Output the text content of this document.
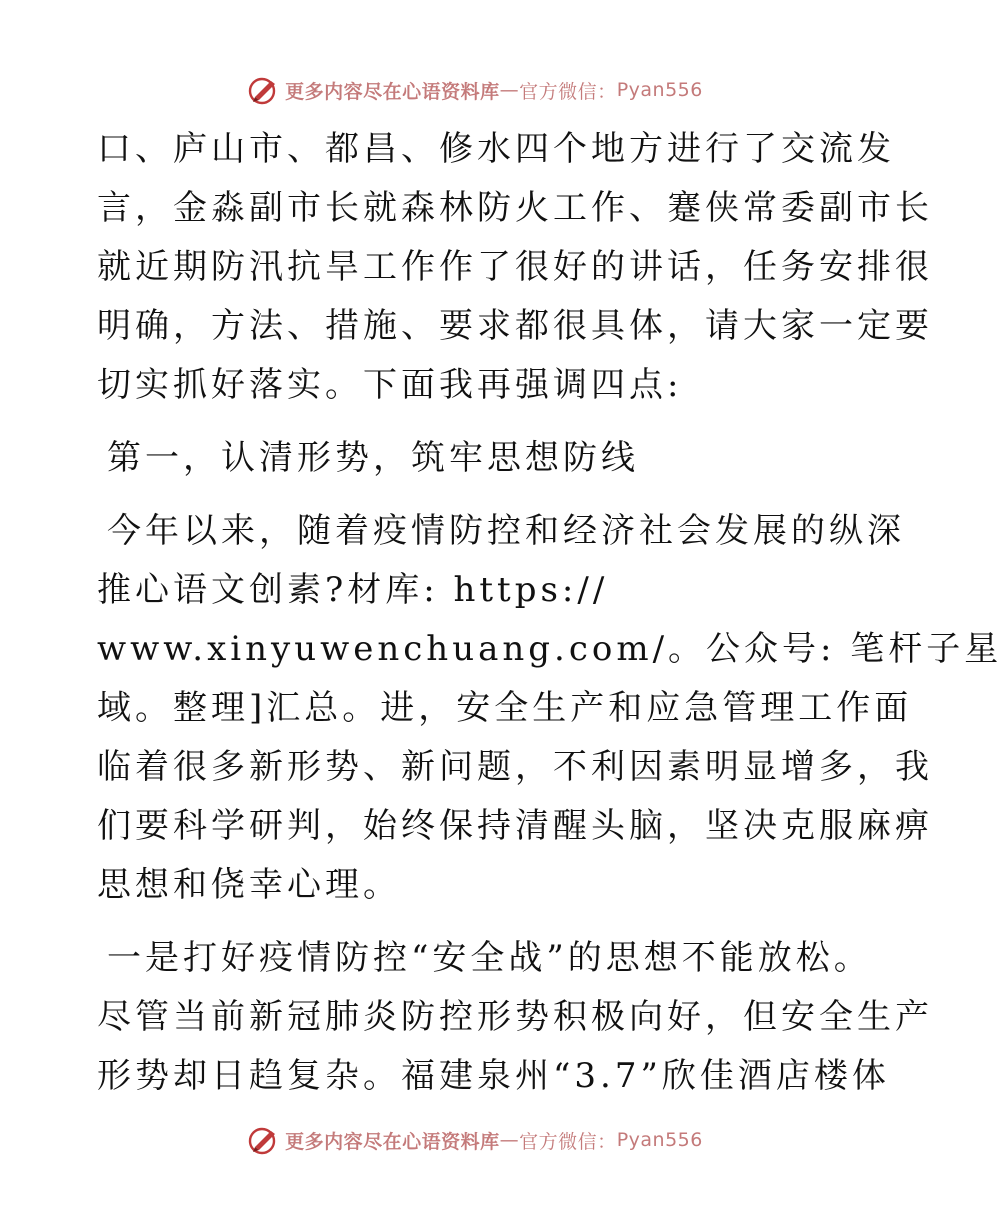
更多内容尽在心语资料库 — 官方微信： Pyan556
口、庐山市、都昌、修水四个地方进行了交流发
言，金淼副市长就森林防火工作、蹇侠常委副市长
就近期防汛抗旱工作作了很好的讲话，任务安排很
明确，方法、措施、要求都很具体，请大家一定要
切实抓好落实。下面我再强调四点:
第一，认清形势，筑牢思想防线
今年以来，随着疫情防控和经济社会发展的纵深
推心语文创素?材库: https://
www.xinyuwenchuang.com/。公众号: 笔杆子星
域。整理]汇总。进，安全生产和应急管理工作面
临着很多新形势、新问题，不利因素明显增多，我
们要科学研判，始终保持清醒头脑，坚决克服麻痹
思想和侥幸心理。
一是打好疫情防控“安全战”的思想不能放松。
尽管当前新冠肺炎防控形势积极向好，但安全生产
形势却日趋复杂。福建泉州“3.7”欣佳酒店楼体
更多内容尽在心语资料库 — 官方微信： Pyan556
